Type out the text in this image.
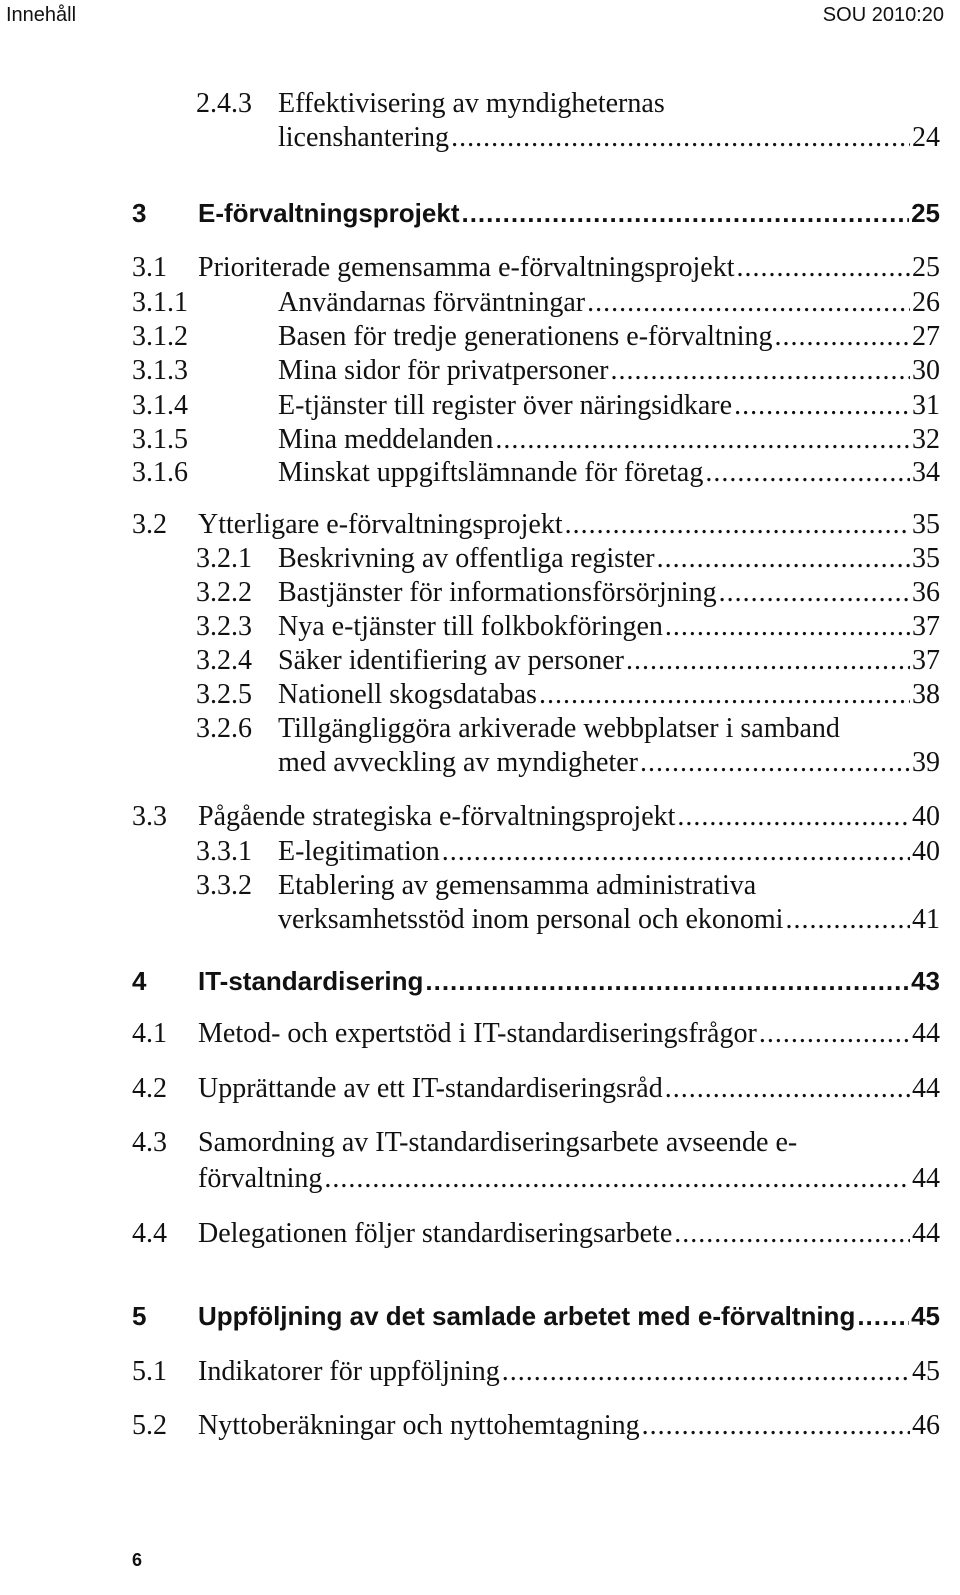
Innehåll	SOU 2010:20
2.4.3 Effektivisering av myndigheternas
licenshantering .....	24
3 E-förvaltningsprojekt .....	25
3.1 Prioriterade gemensamma e-förvaltningsprojekt .....	25
3.1.1	Användarnas förväntningar .....	26
3.1.2	Basen för tredje generationens e-förvaltning .....	27
3.1.3	Mina sidor för privatpersoner .....	30
3.1.4	E-tjänster till register över näringsidkare .....	31
3.1.5	Mina meddelanden .....	32
3.1.6	Minskat uppgiftslämnande för företag .....	34
3.2 Ytterligare e-förvaltningsprojekt .....	35
3.2.1 Beskrivning av offentliga register .....	35
3.2.2 Bastjänster för informationsförsörjning .....	36
3.2.3 Nya e-tjänster till folkbokföringen .....	37
3.2.4 Säker identifiering av personer .....	37
3.2.5 Nationell skogsdatabas .....	38
3.2.6 Tillgängliggöra arkiverade webbplatser i samband
med avveckling av myndigheter .....	39
3.3 Pågående strategiska e-förvaltningsprojekt .....	40
3.3.1 E-legitimation .....	40
3.3.2 Etablering av gemensamma administrativa
verksamhetsstöd inom personal och ekonomi .....	41
4 IT-standardisering .....	43
4.1 Metod- och expertstöd i IT-standardiseringsfrågor .....	44
4.2 Upprättande av ett IT-standardiseringsråd .....	44
4.3 Samordning av IT-standardiseringsarbete avseende e-
förvaltning .....	44
4.4 Delegationen följer standardiseringsarbete .....	44
5 Uppföljning av det samlade arbetet med e-förvaltning ..... 45
5.1 Indikatorer för uppföljning .....	45
5.2 Nyttoberäkningar och nyttohemtagning .....	46
6
